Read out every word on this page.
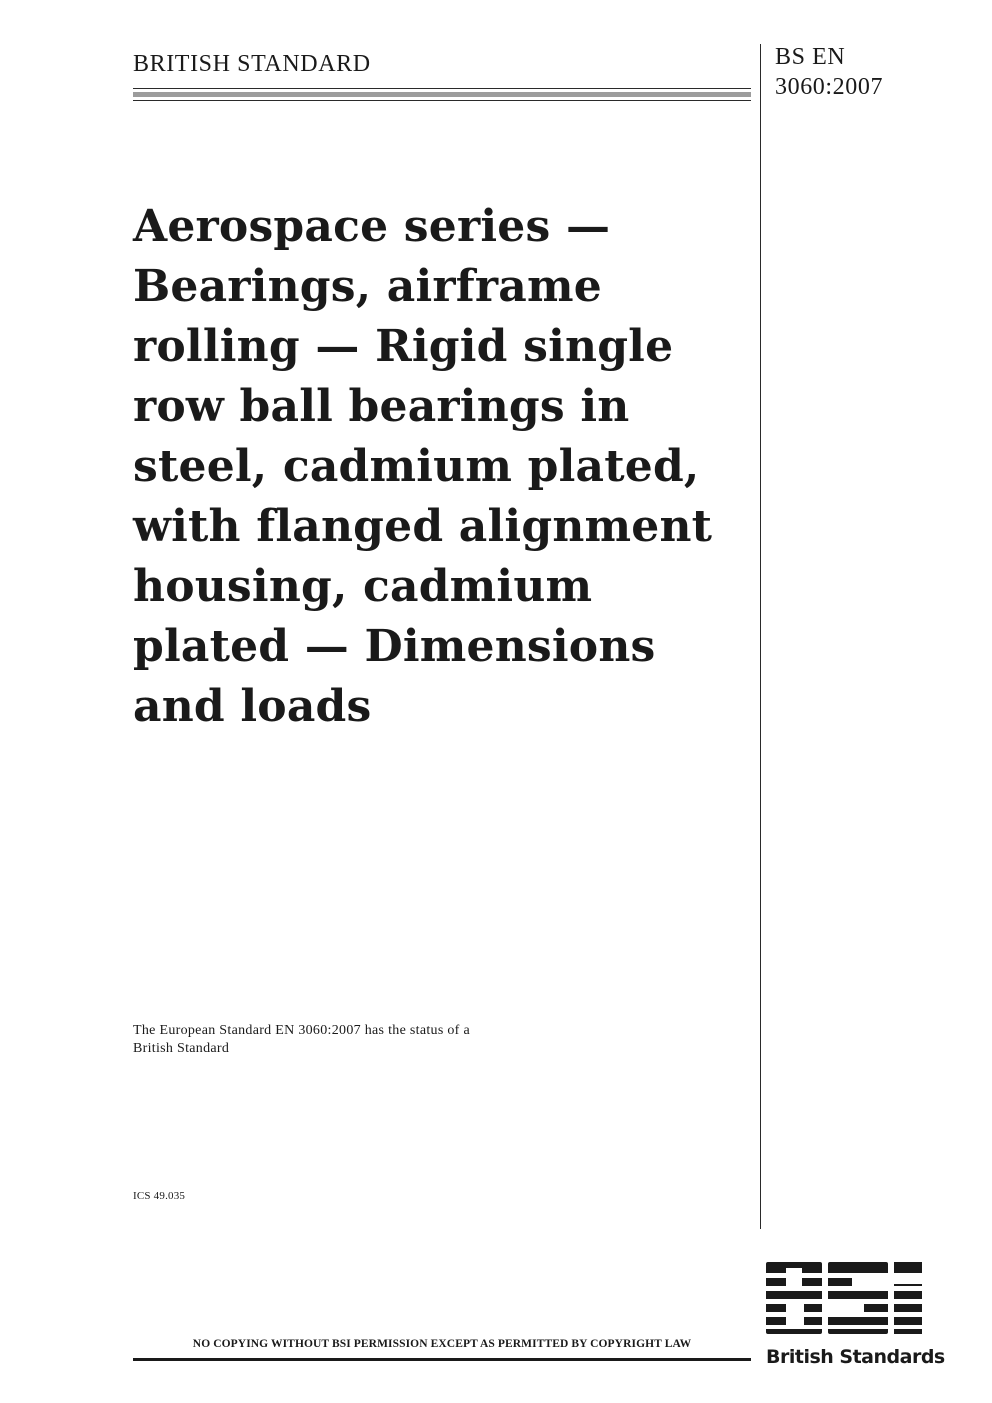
BRITISH STANDARD	BS EN
3060:2007
Aerospace series —
Bearings, airframe
rolling — Rigid single
row ball bearings in
steel, cadmium plated,
with flanged alignment
housing, cadmium
plated — Dimensions
and loads
The European Standard EN 3060:2007 has the status of a
British Standard
ICS 49.035
British Standards
NO COPYING WITHOUT BSI PERMISSION EXCEPT AS PERMITTED BY COPYRIGHT LAW
